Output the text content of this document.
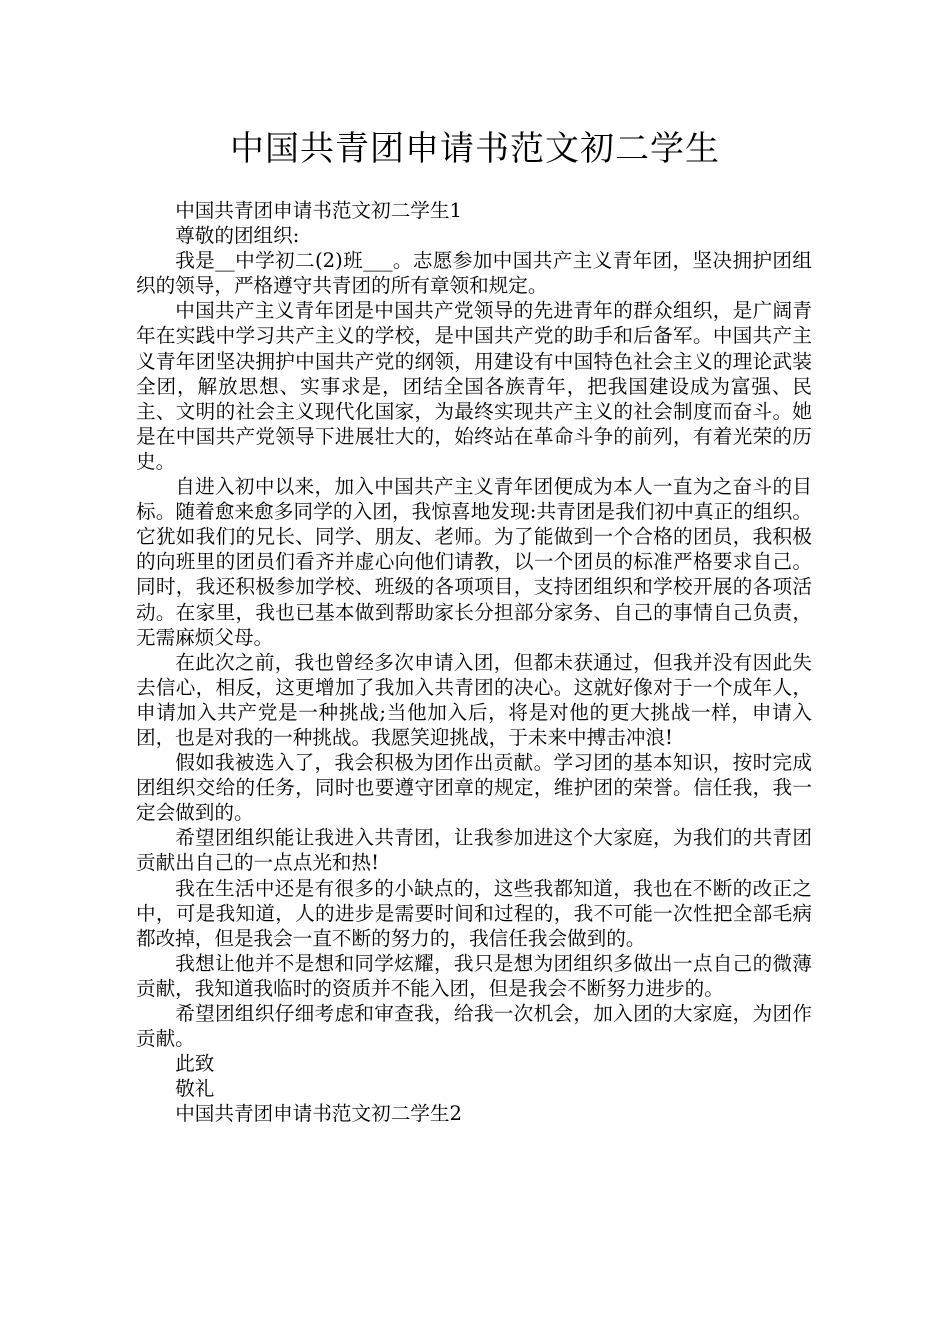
中国共青团申请书范文初二学生

中国共青团申请书范文初二学生1

尊敬的团组织:

我是__中学初二(2)班___。志愿参加中国共产主义青年团，坚决拥护团组织的领导，严格遵守共青团的所有章领和规定。

中国共产主义青年团是中国共产党领导的先进青年的群众组织，是广阔青年在实践中学习共产主义的学校，是中国共产党的助手和后备军。中国共产主义青年团坚决拥护中国共产党的纲领，用建设有中国特色社会主义的理论武装全团，解放思想、实事求是，团结全国各族青年，把我国建设成为富强、民主、文明的社会主义现代化国家，为最终实现共产主义的社会制度而奋斗。她是在中国共产党领导下进展壮大的，始终站在革命斗争的前列，有着光荣的历史。

自进入初中以来，加入中国共产主义青年团便成为本人一直为之奋斗的目标。随着愈来愈多同学的入团，我惊喜地发现:共青团是我们初中真正的组织。它犹如我们的兄长、同学、朋友、老师。为了能做到一个合格的团员，我积极的向班里的团员们看齐并虚心向他们请教，以一个团员的标准严格要求自己。同时，我还积极参加学校、班级的各项项目，支持团组织和学校开展的各项活动。在家里，我也已基本做到帮助家长分担部分家务、自己的事情自己负责，无需麻烦父母。

在此次之前，我也曾经多次申请入团，但都未获通过，但我并没有因此失去信心，相反，这更增加了我加入共青团的决心。这就好像对于一个成年人，申请加入共产党是一种挑战;当他加入后，将是对他的更大挑战一样，申请入团，也是对我的一种挑战。我愿笑迎挑战，于未来中搏击冲浪!

假如我被选入了，我会积极为团作出贡献。学习团的基本知识，按时完成团组织交给的任务，同时也要遵守团章的规定，维护团的荣誉。信任我，我一定会做到的。

希望团组织能让我进入共青团，让我参加进这个大家庭，为我们的共青团贡献出自己的一点点光和热!

我在生活中还是有很多的小缺点的，这些我都知道，我也在不断的改正之中，可是我知道，人的进步是需要时间和过程的，我不可能一次性把全部毛病都改掉，但是我会一直不断的努力的，我信任我会做到的。

我想让他并不是想和同学炫耀，我只是想为团组织多做出一点自己的微薄贡献，我知道我临时的资质并不能入团，但是我会不断努力进步的。

希望团组织仔细考虑和审查我，给我一次机会，加入团的大家庭，为团作贡献。

此致

敬礼

中国共青团申请书范文初二学生2
